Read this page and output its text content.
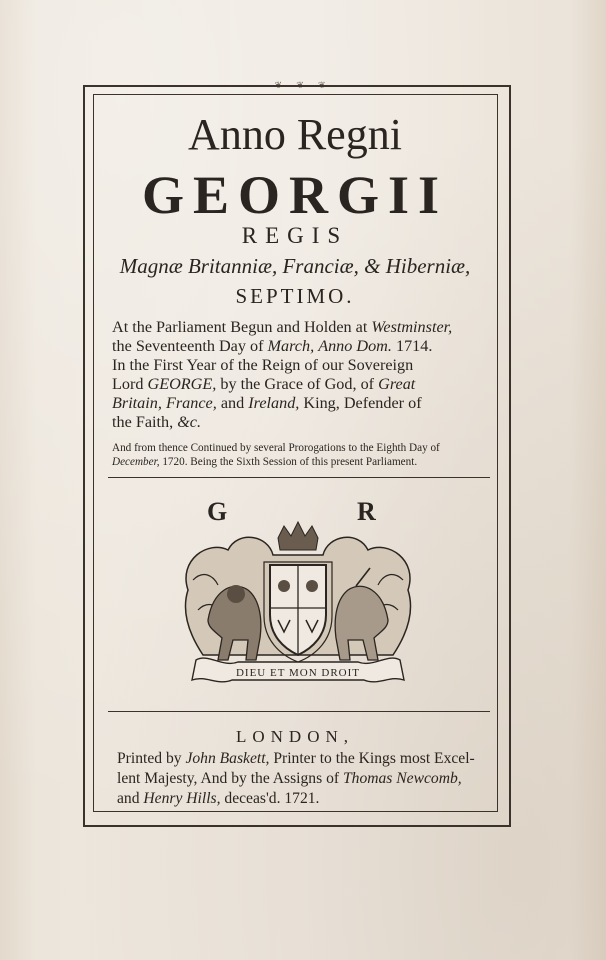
❦ ❦ ❦
Anno Regni
GEORGII
REGIS
Magnæ Britanniæ, Franciæ, & Hiberniæ,
SEPTIMO.
At the Parliament Begun and Holden at Westminster,
the Seventeenth Day of March, Anno Dom. 1714.
In the First Year of the Reign of our Sovereign
Lord GEORGE, by the Grace of God, of Great
Britain, France, and Ireland, King, Defender of
the Faith, &c.
And from thence Continued by several Prorogations to the Eighth Day of
December, 1720. Being the Sixth Session of this present Parliament.
G	R
DIEU ET MON DROIT
LONDON,
Printed by John Baskett, Printer to the Kings most Excel-
lent Majesty, And by the Assigns of Thomas Newcomb,
and Henry Hills, deceas'd. 1721.
